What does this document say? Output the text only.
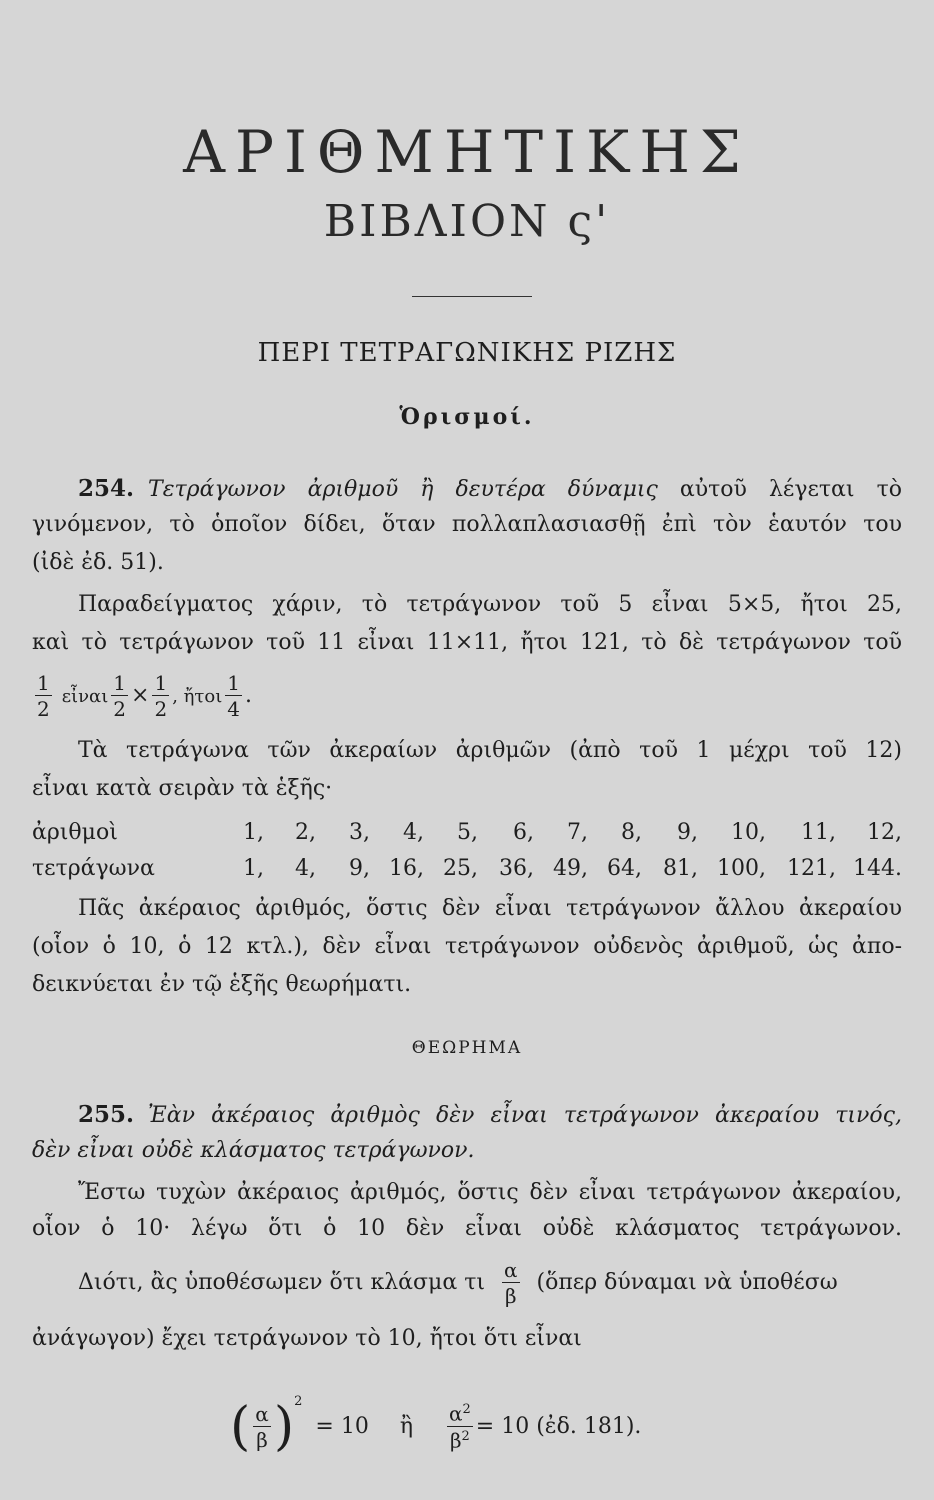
ΑΡΙΘΜΗΤΙΚΗΣ
ΒΙΒΛΙΟΝ ς'
ΠΕΡΙ ΤΕΤΡΑΓΩΝΙΚΗΣ ΡΙΖΗΣ
Ὁρισμοί.
254. Τετράγωνον ἀριθμοῦ ἢ δευτέρα δύναμις αὐτοῦ λέγεται τὸ
γινόμενον, τὸ ὁποῖον δίδει, ὅταν πολλαπλασιασθῇ ἐπὶ τὸν ἑαυτόν του
(ἰδὲ ἐδ. 51).
Παραδείγματος χάριν, τὸ τετράγωνον τοῦ 5 εἶναι 5×5, ἤτοι 25,
καὶ τὸ τετράγωνον τοῦ 11 εἶναι 11×11, ἤτοι 121, τὸ δὲ τετράγωνον τοῦ
$\frac{1}{2}$ εἶναι $\frac{1}{2} \times \frac{1}{2}$ , ἤτοι $\frac{1}{4}$ .
Τὰ τετράγωνα τῶν ἀκεραίων ἀριθμῶν (ἀπὸ τοῦ 1 μέχρι τοῦ 12)
εἶναι κατὰ σειρὰν τὰ ἑξῆς·
ἀριθμοὶ	1,	2,	3,	4,	5,	6,	7,	8,	9,	10,	11,	12,
τετράγωνα	1,	4,	9, 16, 25, 36, 49, 64, 81, 100, 121, 144.
Πᾶς ἀκέραιος ἀριθμός, ὅστις δὲν εἶναι τετράγωνον ἄλλου ἀκεραίου
(οἷον ὁ 10, ὁ 12 κτλ.), δὲν εἶναι τετράγωνον οὐδενὸς ἀριθμοῦ, ὡς ἀπο-
δεικνύεται ἐν τῷ ἑξῆς θεωρήματι.
ΘΕΩΡΗΜΑ
255. Ἐὰν ἀκέραιος ἀριθμὸς δὲν εἶναι τετράγωνον ἀκεραίου τινός,
δὲν εἶναι οὐδὲ κλάσματος τετράγωνον.
Ἔστω τυχὼν ἀκέραιος ἀριθμός, ὅστις δὲν εἶναι τετράγωνον ἀκεραίου,
οἷον ὁ 10· λέγω ὅτι ὁ 10 δὲν εἶναι οὐδὲ κλάσματος τετράγωνον.
Διότι, ἂς ὑποθέσωμεν ὅτι κλάσμα τι $\frac{\alpha}{\beta}$ (ὅπερ δύναμαι νὰ ὑποθέσω
ἀνάγωγον) ἔχει τετράγωνον τὸ 10, ἤτοι ὅτι εἶναι
( $\frac{\alpha}{\beta} )^2 = 10$ ἢ $\frac{\alpha^2}{\beta^2} = 10$ (ἐδ. 181).
